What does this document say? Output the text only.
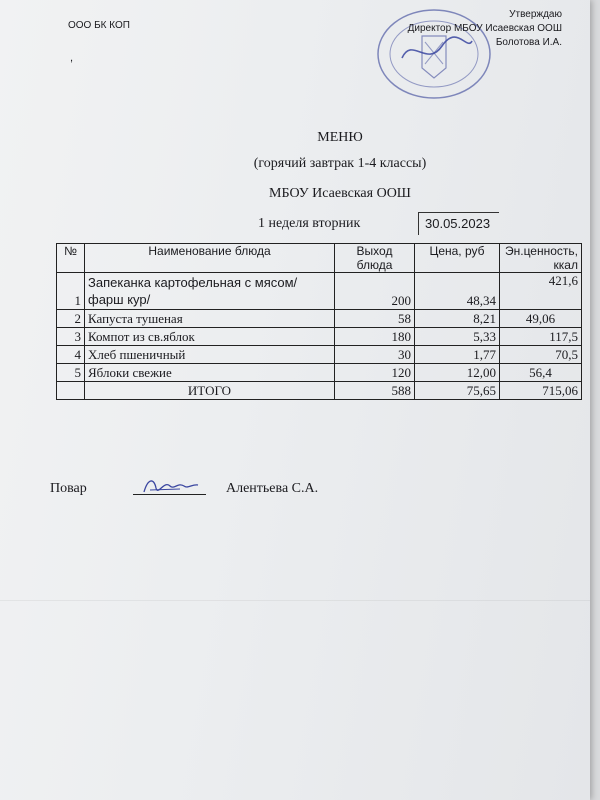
ООО БК КОП
,
Утверждаю
Директор МБОУ Исаевская ООШ
Болотова И.А.
МЕНЮ
(горячий завтрак 1-4 классы)
МБОУ Исаевская ООШ
1 неделя вторник	30.05.2023
№	Наименование блюда	Выход блюда	Цена, руб	Эн.ценность, ккал
1	Запеканка картофельная с мясом/фарш кур/	200	48,34	421,6
2	Капуста тушеная	58	8,21	49,06
3	Компот из св.яблок	180	5,33	117,5
4	Хлеб пшеничный	30	1,77	70,5
5	Яблоки свежие	120	12,00	56,4
	ИТОГО	588	75,65	715,06
Повар	Алентьева С.А.
